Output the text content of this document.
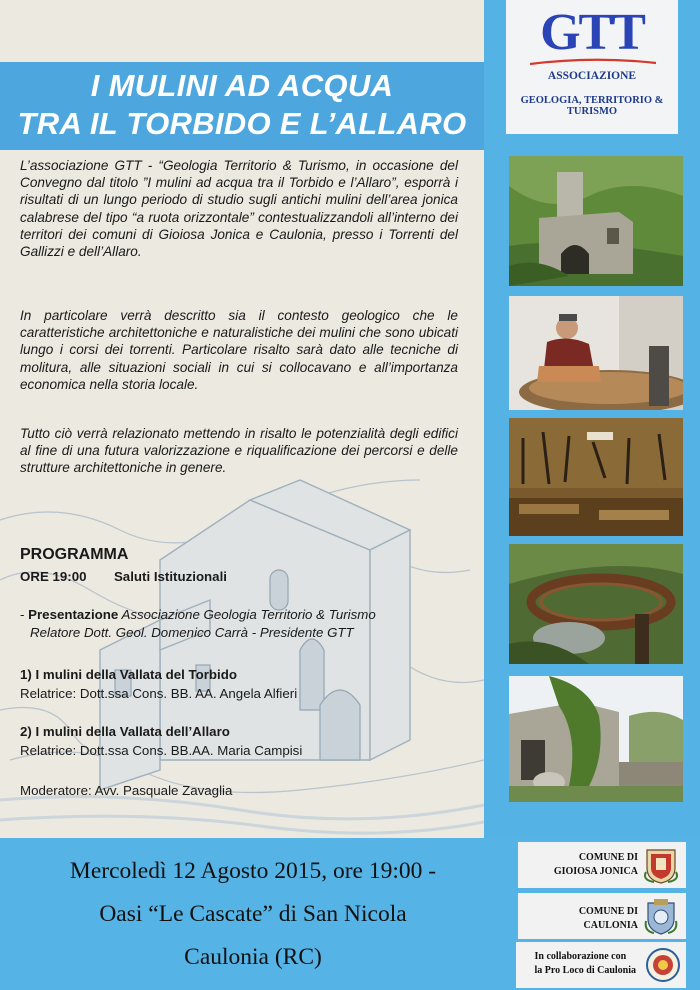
GTT
ASSOCIAZIONE
GEOLOGIA, TERRITORIO & TURISMO
I MULINI AD ACQUA
TRA IL TORBIDO E L’ALLARO

L’associazione GTT - “Geologia Territorio & Turismo, in occasione del Convegno dal titolo ”I mulini ad acqua tra il Torbido e l’Allaro”, esporrà i risultati di un lungo periodo di studio sugli antichi mulini dell’area jonica calabrese del tipo “a ruota orizzontale” contestualizzandoli all’interno dei territori dei comuni di Gioiosa Jonica e Caulonia, presso i Torrenti del Gallizzi e dell’Allaro.

In particolare verrà descritto sia il contesto geologico che le caratteristiche architettoniche e naturalistiche dei mulini che sono ubicati lungo i corsi dei torrenti. Particolare risalto sarà dato alle tecniche di molitura, alle situazioni sociali in cui si collocavano e all’importanza economica nella storia locale.

Tutto ciò verrà relazionato mettendo in risalto le potenzialità degli edifici al fine di una futura valorizzazione e riqualificazione dei percorsi e delle strutture architettoniche in genere.

PROGRAMMA
ORE 19:00 Saluti Istituzionali
- Presentazione Associazione Geologia Territorio & Turismo
Relatore Dott. Geol. Domenico Carrà - Presidente GTT
1) I mulini della Vallata del Torbido
Relatrice: Dott.ssa Cons. BB. AA. Angela Alfieri
2) I mulini della Vallata dell’Allaro
Relatrice: Dott.ssa Cons. BB.AA. Maria Campisi
Moderatore: Avv. Pasquale Zavaglia
Mercoledì 12 Agosto 2015, ore 19:00 -
Oasi “Le Cascate” di San Nicola
Caulonia (RC)
COMUNE DI
GIOIOSA JONICA
COMUNE DI
CAULONIA
In collaborazione con
la Pro Loco di Caulonia
